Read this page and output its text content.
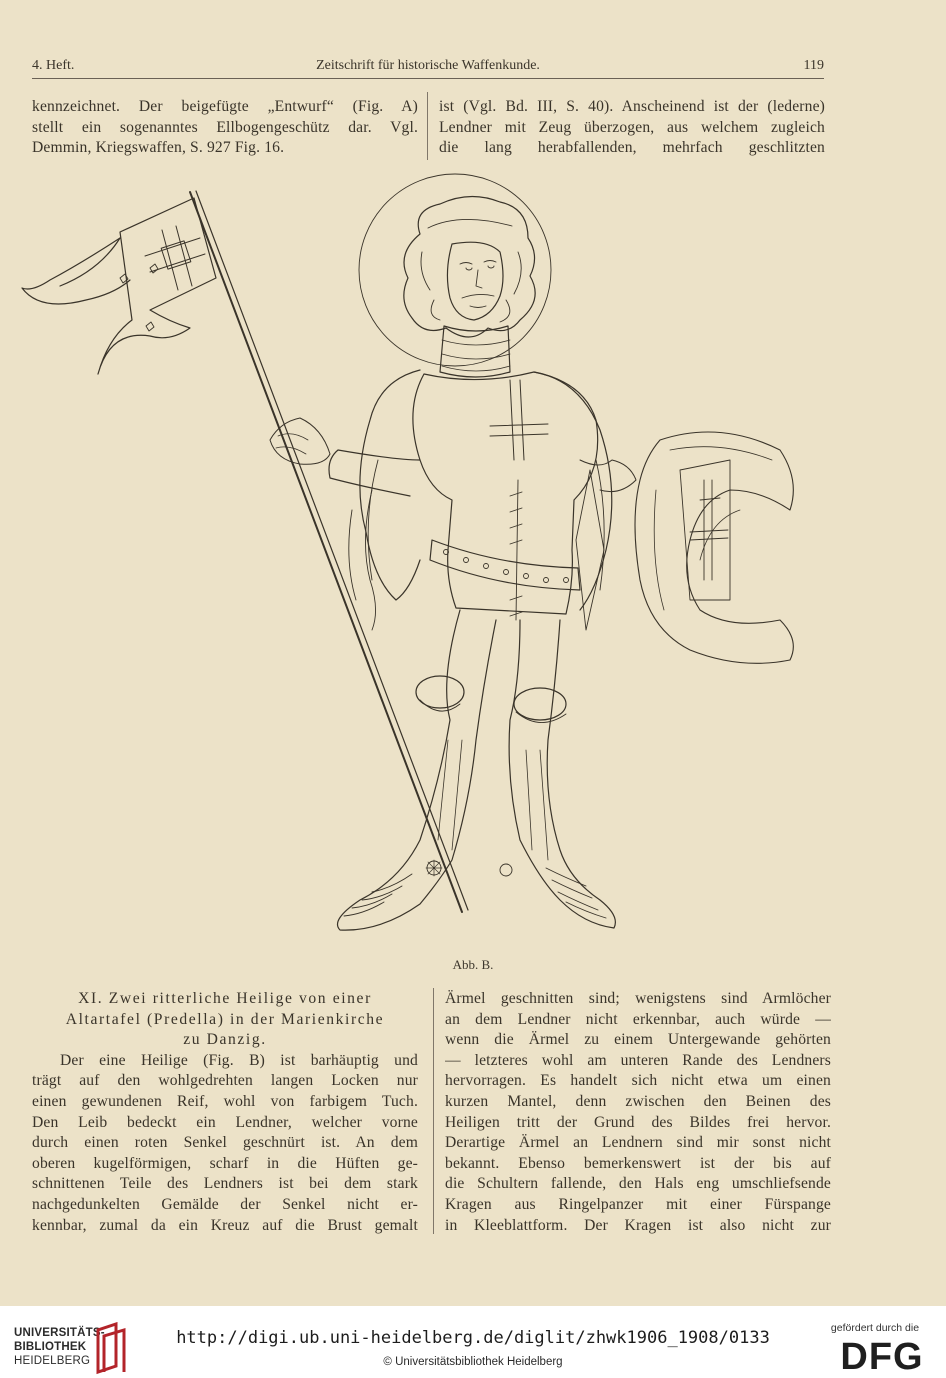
4. Heft.	Zeitschrift für historische Waffenkunde.	119
kennzeichnet. Der beigefügte „Entwurf“ (Fig. A)
stellt ein sogenanntes Ellbogengeschütz dar. Vgl.
Demmin, Kriegswaffen, S. 927 Fig. 16.
ist (Vgl. Bd. III, S. 40). Anscheinend ist der (lederne)
Lendner mit Zeug überzogen, aus welchem zugleich
die lang herabfallenden, mehrfach geschlitzten
Abb. B.
XI. Zwei ritterliche Heilige von einer
Altartafel (Predella) in der Marienkirche
zu Danzig.
Der eine Heilige (Fig. B) ist barhäuptig und
trägt auf den wohlgedrehten langen Locken nur
einen gewundenen Reif, wohl von farbigem Tuch.
Den Leib bedeckt ein Lendner, welcher vorne
durch einen roten Senkel geschnürt ist. An dem
oberen kugelförmigen, scharf in die Hüften ge-
schnittenen Teile des Lendners ist bei dem stark
nachgedunkelten Gemälde der Senkel nicht er-
kennbar, zumal da ein Kreuz auf die Brust gemalt
Ärmel geschnitten sind; wenigstens sind Armlöcher
an dem Lendner nicht erkennbar, auch würde —
wenn die Ärmel zu einem Untergewande gehörten
— letzteres wohl am unteren Rande des Lendners
hervorragen. Es handelt sich nicht etwa um einen
kurzen Mantel, denn zwischen den Beinen des
Heiligen tritt der Grund des Bildes frei hervor.
Derartige Ärmel an Lendnern sind mir sonst nicht
bekannt. Ebenso bemerkenswert ist der bis auf
die Schultern fallende, den Hals eng umschliefsende
Kragen aus Ringelpanzer mit einer Fürspange
in Kleeblattform. Der Kragen ist also nicht zur
UNIVERSITÄTS-
BIBLIOTHEK
HEIDELBERG
http://digi.ub.uni-heidelberg.de/diglit/zhwk1906_1908/0133
© Universitätsbibliothek Heidelberg
gefördert durch die
DFG
